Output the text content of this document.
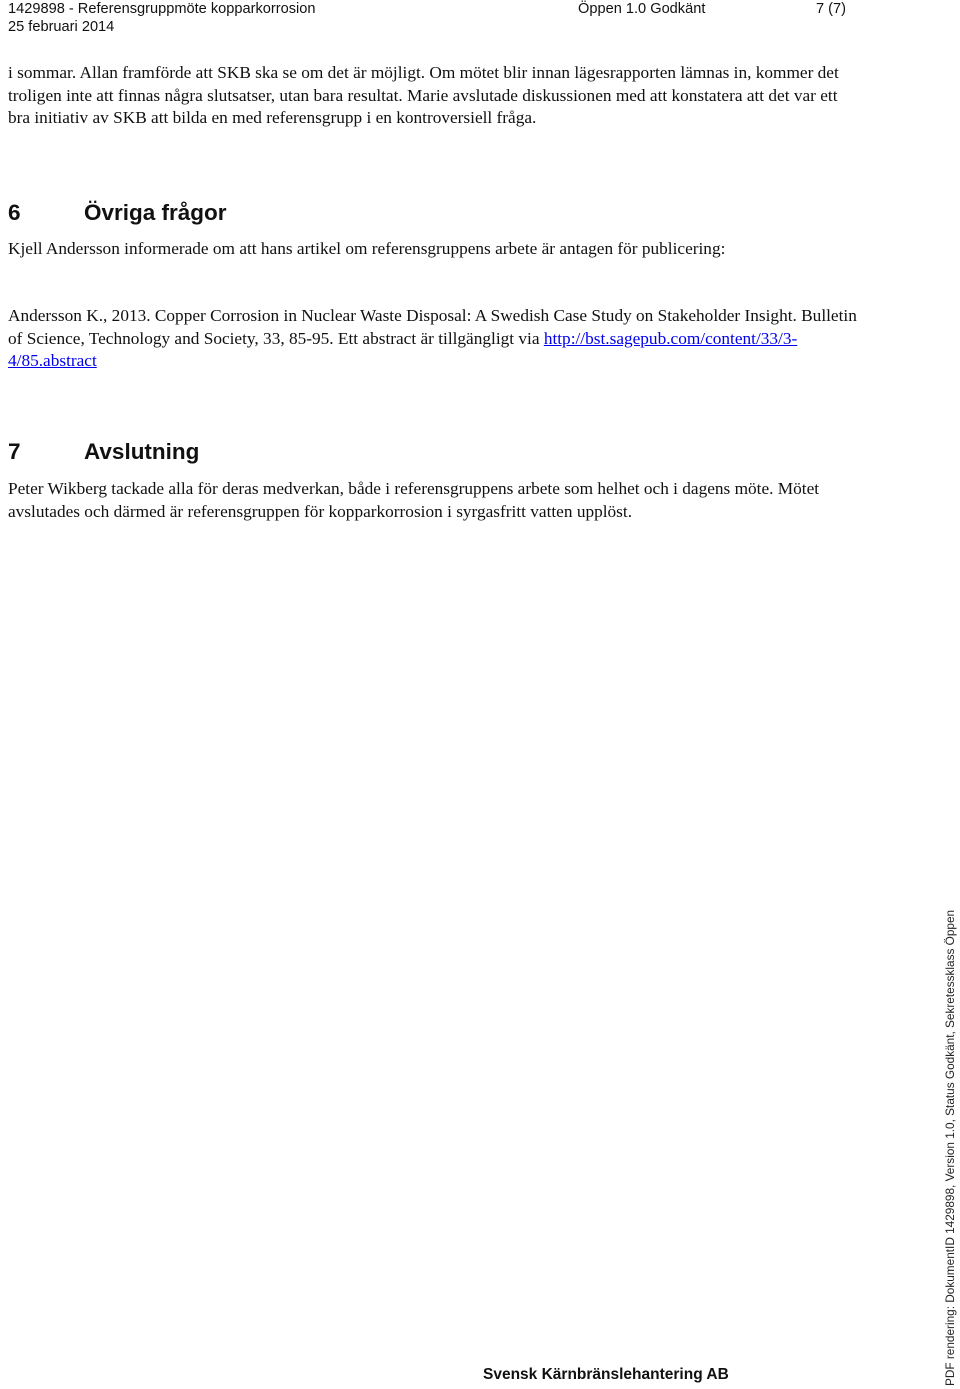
1429898 - Referensgruppmöte kopparkorrosion	Öppen 1.0 Godkänt	7 (7)
25 februari 2014

i sommar. Allan framförde att SKB ska se om det är möjligt. Om mötet blir innan lägesrapporten lämnas in, kommer det troligen inte att finnas några slutsatser, utan bara resultat. Marie avslutade diskussionen med att konstatera att det var ett bra initiativ av SKB att bilda en med referensgrupp i en kontroversiell fråga.

6	Övriga frågor

Kjell Andersson informerade om att hans artikel om referensgruppens arbete är antagen för publicering:

Andersson K., 2013. Copper Corrosion in Nuclear Waste Disposal: A Swedish Case Study on Stakeholder Insight. Bulletin of Science, Technology and Society, 33, 85-95. Ett abstract är tillgängligt via http://bst.sagepub.com/content/33/3-4/85.abstract

7	Avslutning

Peter Wikberg tackade alla för deras medverkan, både i referensgruppens arbete som helhet och i dagens möte. Mötet avslutades och därmed är referensgruppen för kopparkorrosion i syrgasfritt vatten upplöst.

Svensk Kärnbränslehantering AB	PDF rendering: DokumentID 1429898, Version 1.0, Status Godkänt, Sekretessklass Öppen
